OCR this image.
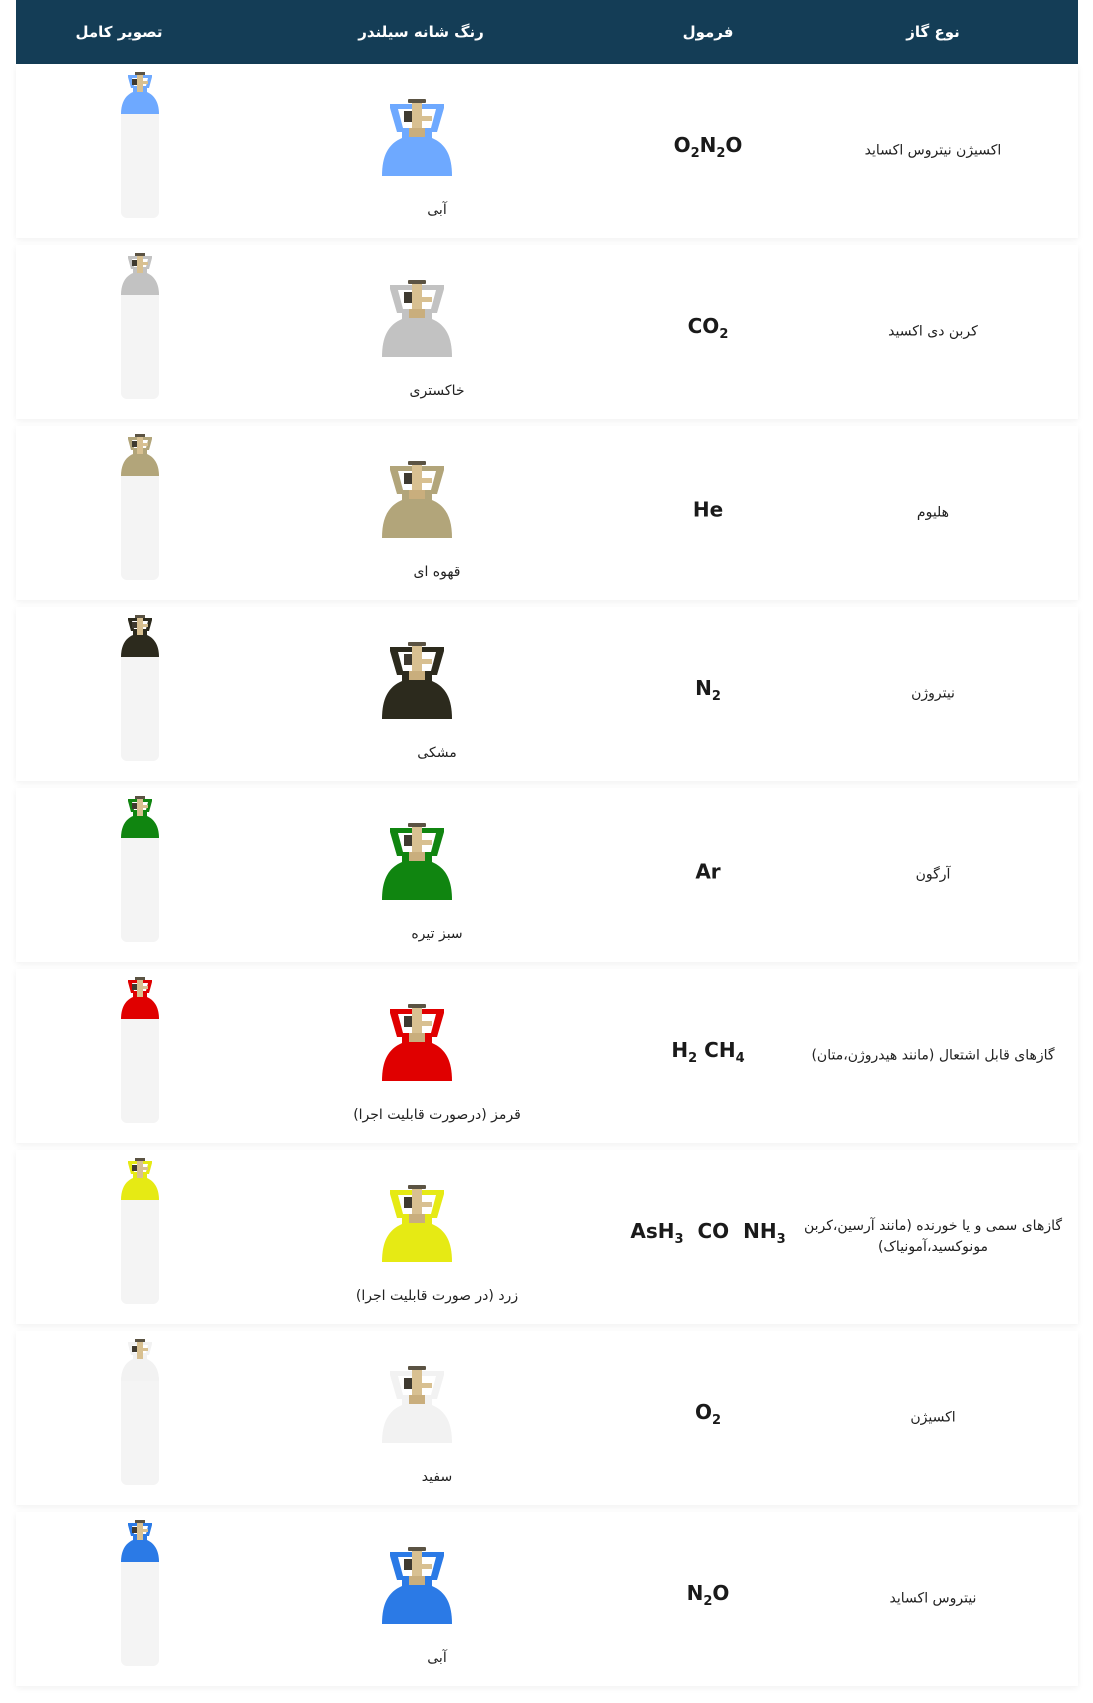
نوع گاز
فرمول
رنگ شانه سیلندر
تصویر کامل
اکسیژن نیتروس اکساید
$O_2N_2O$
آبی
کربن دی اکسید
$CO_2$
خاکستری
هلیوم
He
قهوه ای
نیتروژن
$N_2$
مشکی
آرگون
Ar
سبز تیره
گازهای قابل اشتعال (مانند هیدروژن،متان)
$H_2$ $CH_4$
قرمز (درصورت قابلیت اجرا)
گازهای سمی و یا خورنده (مانند آرسین،کربن مونوکسید،آمونیاک)
AsH$_3$  CO  $NH_3$
زرد (در صورت قابلیت اجرا)
اکسیژن
$O_2$
سفید
نیتروس اکساید
$N_2O$
آبی
